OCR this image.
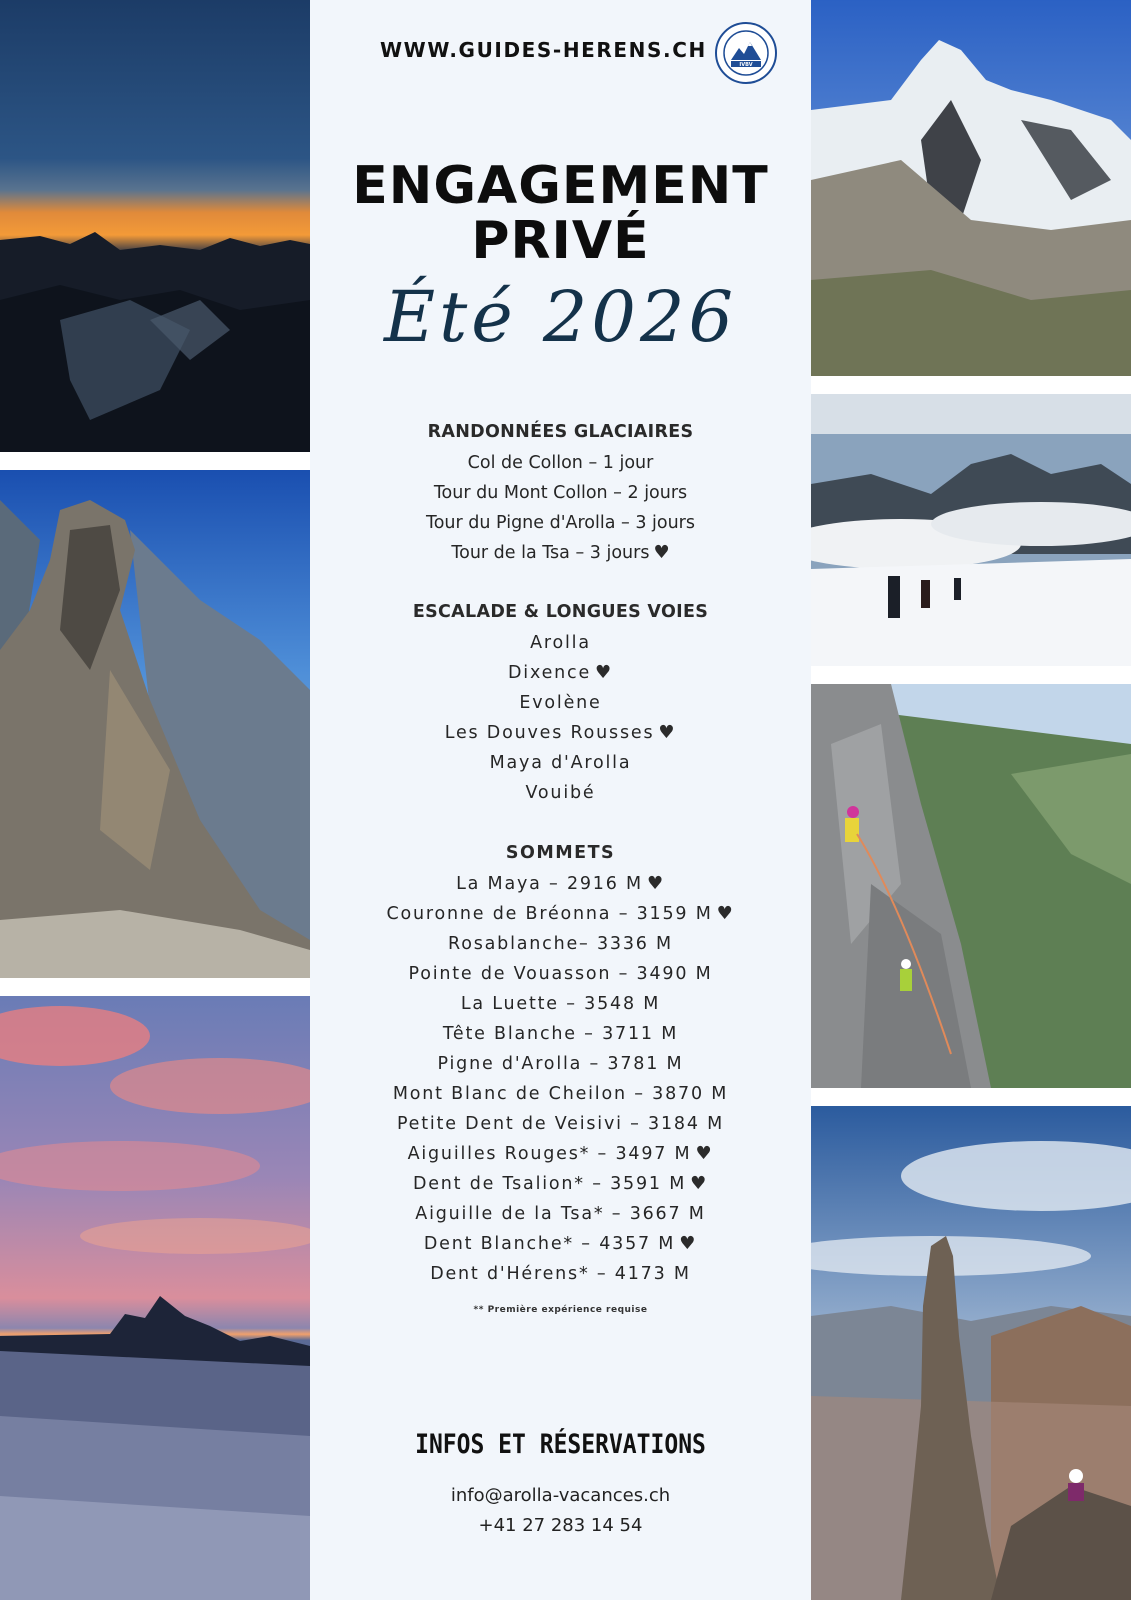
WWW.GUIDES-HERENS.CH
IVBV
ENGAGEMENT
PRIVÉ
Été 2026
RANDONNÉES GLACIAIRES
Col de Collon – 1 jour
Tour du Mont Collon – 2 jours
Tour du Pigne d'Arolla – 3 jours
Tour de la Tsa – 3 jours ♥
ESCALADE & LONGUES VOIES
Arolla
Dixence ♥
Evolène
Les Douves Rousses ♥
Maya d'Arolla
Vouibé
SOMMETS
La Maya – 2916 M ♥
Couronne de Bréonna – 3159 M ♥
Rosablanche– 3336 M
Pointe de Vouasson – 3490 M
La Luette – 3548 M
Tête Blanche – 3711 M
Pigne d'Arolla – 3781 M
Mont Blanc de Cheilon – 3870 M
Petite Dent de Veisivi – 3184 M
Aiguilles Rouges* – 3497 M ♥
Dent de Tsalion* – 3591 M ♥
Aiguille de la Tsa* – 3667 M
Dent Blanche* – 4357 M ♥
Dent d'Hérens* – 4173 M
** Première expérience requise
INFOS ET RÉSERVATIONS
info@arolla-vacances.ch
+41 27 283 14 54
